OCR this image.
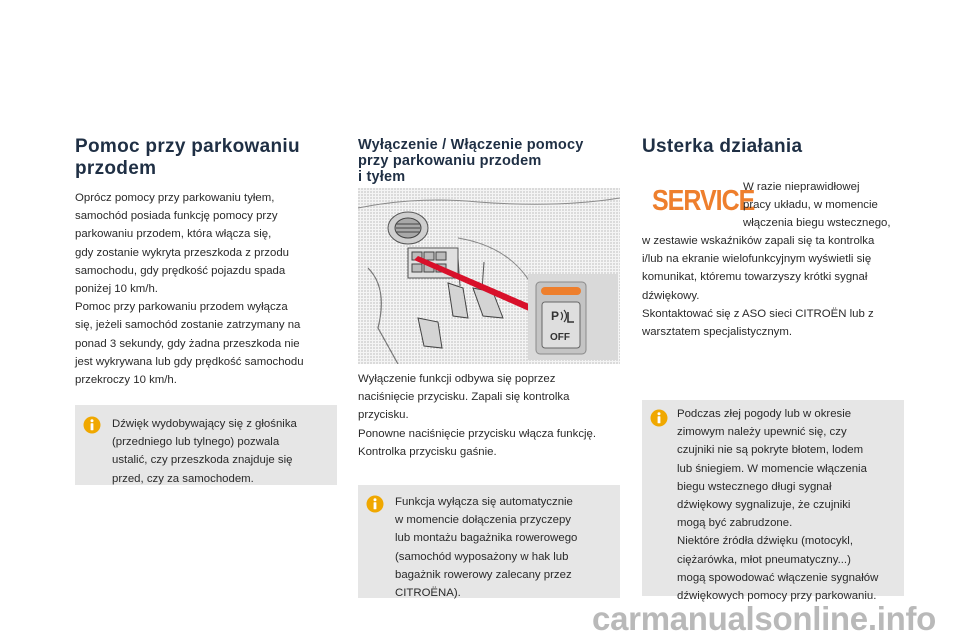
Pomoc przy parkowaniu
przodem

Oprócz pomocy przy parkowaniu tyłem,

samochód posiada funkcję pomocy przy

parkowaniu przodem, która włącza się,

gdy zostanie wykryta przeszkoda z przodu

samochodu, gdy prędkość pojazdu spada

poniżej 10 km/h.

Pomoc przy parkowaniu przodem wyłącza

się, jeżeli samochód zostanie zatrzymany na

ponad 3 sekundy, gdy żadna przeszkoda nie

jest wykrywana lub gdy prędkość samochodu

przekroczy 10 km/h.

Dźwięk wydobywający się z głośnika

(przedniego lub tylnego) pozwala

ustalić, czy przeszkoda znajduje się

przed, czy za samochodem.

Wyłączenie / Włączenie pomocy
przy parkowaniu przodem
i tyłem
P
OFF

Wyłączenie funkcji odbywa się poprzez

naciśnięcie przycisku. Zapali się kontrolka

przycisku.

Ponowne naciśnięcie przycisku włącza funkcję.

Kontrolka przycisku gaśnie.

Funkcja wyłącza się automatycznie

w momencie dołączenia przyczepy

lub montażu bagażnika rowerowego

(samochód wyposażony w hak lub

bagażnik rowerowy zalecany przez

CITROËNA).

Usterka działania
SERVICE

W razie nieprawidłowej

pracy układu, w momencie

włączenia biegu wstecznego,

w zestawie wskaźników zapali się ta kontrolka

i/lub na ekranie wielofunkcyjnym wyświetli się

komunikat, któremu towarzyszy krótki sygnał

dźwiękowy.

Skontaktować się z ASO sieci CITROËN lub z

warsztatem specjalistycznym.

Podczas złej pogody lub w okresie

zimowym należy upewnić się, czy

czujniki nie są pokryte błotem, lodem

lub śniegiem. W momencie włączenia

biegu wstecznego długi sygnał

dźwiękowy sygnalizuje, że czujniki

mogą być zabrudzone.

Niektóre źródła dźwięku (motocykl,

ciężarówka, młot pneumatyczny...)

mogą spowodować włączenie sygnałów

dźwiękowych pomocy przy parkowaniu.

carmanualsonline.info
